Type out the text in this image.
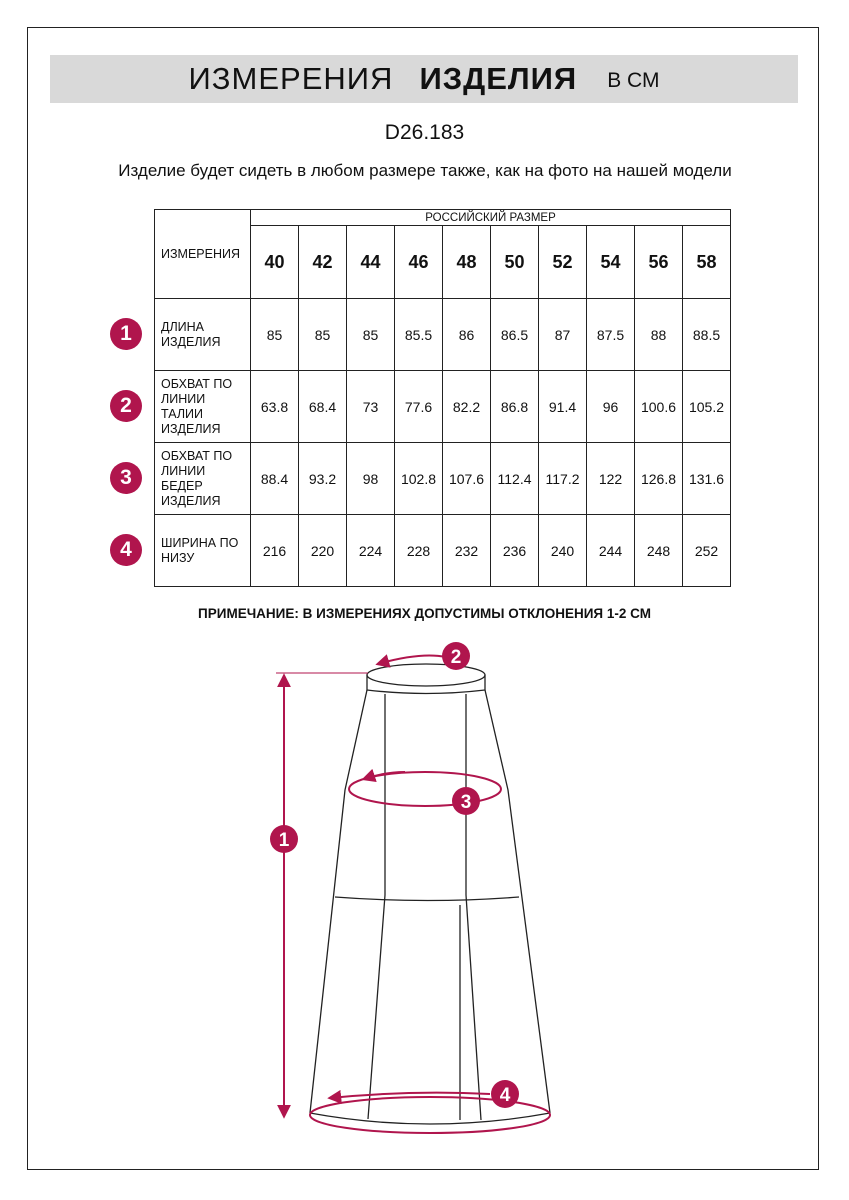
ИЗМЕРЕНИЯ ИЗДЕЛИЯ В СМ
D26.183
Изделие будет сидеть в любом размере также, как на фото на нашей модели
ИЗМЕРЕНИЯ	РОССИЙСКИЙ РАЗМЕР									
	40	42	44	46	48	50	52	54	56	58
ДЛИНА ИЗДЕЛИЯ	85	85	85	85.5	86	86.5	87	87.5	88	88.5
ОБХВАТ ПО ЛИНИИ ТАЛИИ ИЗДЕЛИЯ	63.8	68.4	73	77.6	82.2	86.8	91.4	96	100.6	105.2
ОБХВАТ ПО ЛИНИИ БЕДЕР ИЗДЕЛИЯ	88.4	93.2	98	102.8	107.6	112.4	117.2	122	126.8	131.6
ШИРИНА ПО НИЗУ	216	220	224	228	232	236	240	244	248	252
1
2
3
4
ПРИМЕЧАНИЕ: В ИЗМЕРЕНИЯХ ДОПУСТИМЫ ОТКЛОНЕНИЯ 1-2 СМ
1
2
3
4
